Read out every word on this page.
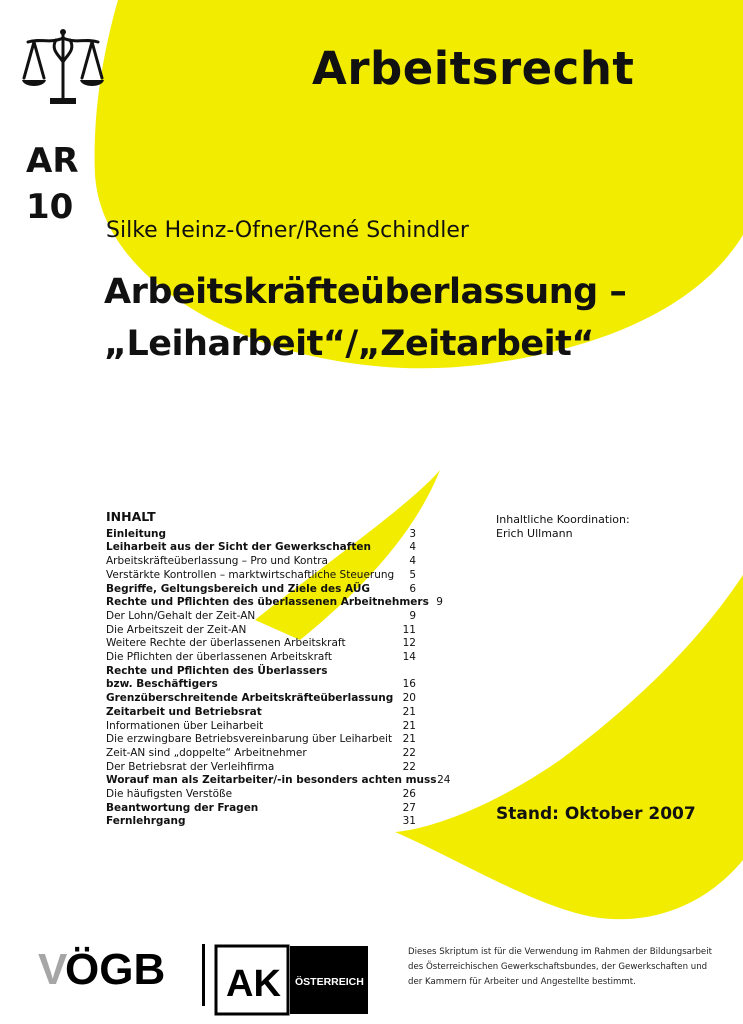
Arbeitsrecht
AR
10
Silke Heinz-Ofner/René Schindler
Arbeitskräfteüberlassung –
„Leiharbeit“/„Zeitarbeit“
INHALT
Einleitung	3
Leiharbeit aus der Sicht der Gewerkschaften	4
Arbeitskräfteüberlassung – Pro und Kontra	4
Verstärkte Kontrollen – marktwirtschaftliche Steuerung	5
Begriffe, Geltungsbereich und Ziele des AÜG	6
Rechte und Pflichten des überlassenen Arbeitnehmers 9
Der Lohn/Gehalt der Zeit-AN	9
Die Arbeitszeit der Zeit-AN	11
Weitere Rechte der überlassenen Arbeitskraft	12
Die Pflichten der überlassenen Arbeitskraft	14
Rechte und Pflichten des Überlassers
bzw. Beschäftigers	16
Grenzüberschreitende Arbeitskräfteüberlassung 20
Zeitarbeit und Betriebsrat	21
Informationen über Leiharbeit	21
Die erzwingbare Betriebsvereinbarung über Leiharbeit 21
Zeit-AN sind „doppelte“ Arbeitnehmer	22
Der Betriebsrat der Verleihfirma	22
Worauf man als Zeitarbeiter/-in besonders achten muss 24
Die häufigsten Verstöße	26
Beantwortung der Fragen	27
Fernlehrgang	31
Inhaltliche Koordination:
Erich Ullmann
Stand: Oktober 2007
V
ÖGB AK ÖSTERREICH
Dieses Skriptum ist für die Verwendung im Rahmen der Bildungsarbeit
des Österreichischen Gewerkschaftsbundes, der Gewerkschaften und
der Kammern für Arbeiter und Angestellte bestimmt.
